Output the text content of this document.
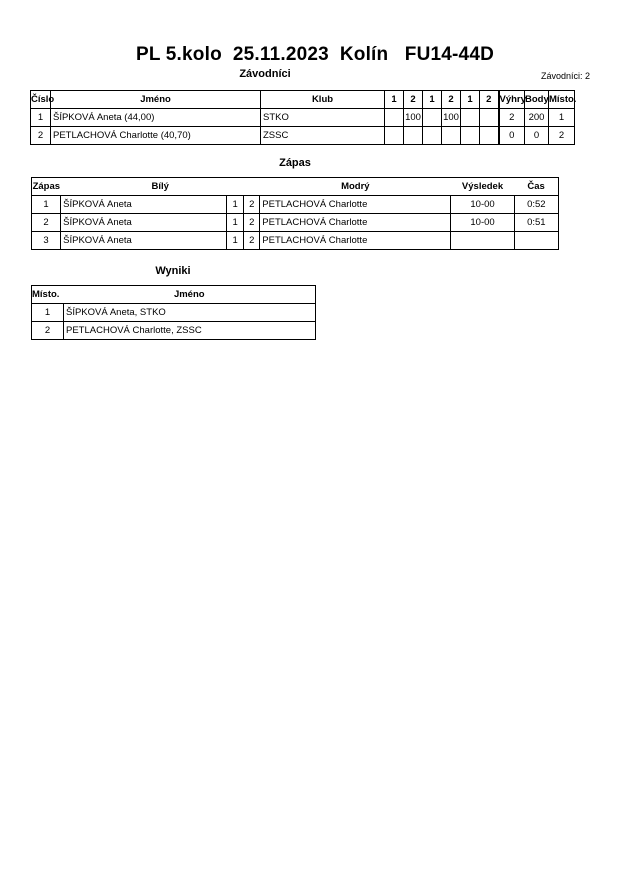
PL 5.kolo  25.11.2023  Kolín   FU14-44D
Závodníci	Závodníci: 2
Číslo	Jméno	Klub	1	2	1	2	1	2	Výhry	Body	Místo.
1	ŠÍPKOVÁ Aneta (44,00)	STKO		100		100			2	200	1
2	PETLACHOVÁ Charlotte (40,70)	ZSSC							0	0	2
Zápas
Zápas	Bílý			Modrý	Výsledek	Čas
1	ŠÍPKOVÁ Aneta	1	2	PETLACHOVÁ Charlotte	10-00	0:52
2	ŠÍPKOVÁ Aneta	1	2	PETLACHOVÁ Charlotte	10-00	0:51
3	ŠÍPKOVÁ Aneta	1	2	PETLACHOVÁ Charlotte		
Wyniki
Místo.	Jméno
1	ŠÍPKOVÁ Aneta, STKO
2	PETLACHOVÁ Charlotte, ZSSC
